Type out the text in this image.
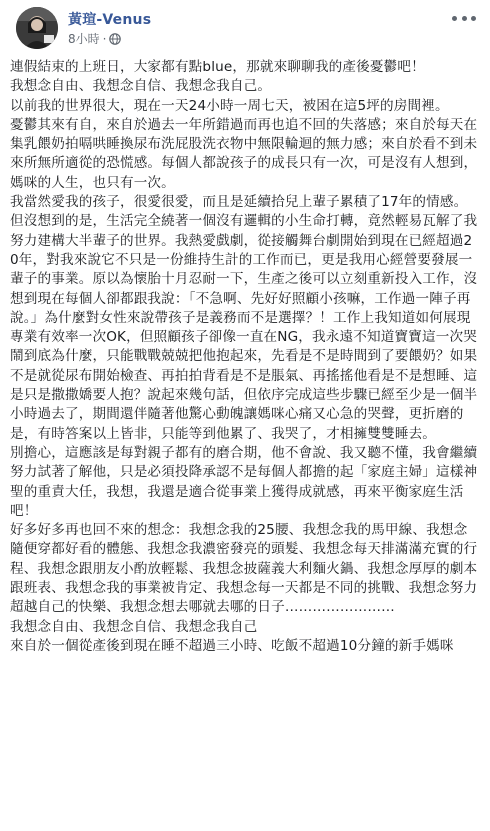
黃瑄-Venus
8小時 ·

連假結束的上班日，大家都有點blue，那就來聊聊我的產後憂鬱吧！

我想念自由、我想念自信、我想念我自己。

以前我的世界很大，現在一天24小時一周七天，被困在這5坪的房間裡。

憂鬱其來有自，來自於過去一年所錯過而再也追不回的失落感；來自於每天在集乳餵奶拍嗝哄睡換尿布洗屁股洗衣物中無限輪迴的無力感；來自於看不到未來所無所適從的恐慌感。每個人都說孩子的成長只有一次，可是沒有人想到，媽咪的人生，也只有一次。

我當然愛我的孩子，很愛很愛，而且是延續拾兒上輩子累積了17年的情感。但沒想到的是，生活完全繞著一個沒有邏輯的小生命打轉，竟然輕易瓦解了我努力建構大半輩子的世界。我熱愛戲劇，從接觸舞台劇開始到現在已經超過20年，對我來說它不只是一份維持生計的工作而已，更是我用心經營要發展一輩子的事業。原以為懷胎十月忍耐一下，生產之後可以立刻重新投入工作，沒想到現在每個人卻都跟我說：「不急啊、先好好照顧小孩嘛，工作過一陣子再說。」為什麼對女性來說帶孩子是義務而不是選擇？！工作上我知道如何展現專業有效率一次OK，但照顧孩子卻像一直在NG，我永遠不知道寶寶這一次哭鬧到底為什麼，只能戰戰兢兢把他抱起來，先看是不是時間到了要餵奶？如果不是就從尿布開始檢查、再拍拍背看是不是脹氣、再搖搖他看是不是想睡、這是只是撒撒嬌要人抱？說起來幾句話，但依序完成這些步驟已經至少是一個半小時過去了，期間還伴隨著他驚心動魄讓媽咪心痛又心急的哭聲，更折磨的是，有時答案以上皆非，只能等到他累了、我哭了，才相擁雙雙睡去。

別擔心，這應該是每對親子都有的磨合期，他不會說、我又聽不懂，我會繼續努力試著了解他，只是必須投降承認不是每個人都擔的起「家庭主婦」這樣神聖的重責大任，我想，我還是適合從事業上獲得成就感，再來平衡家庭生活吧！

好多好多再也回不來的想念：我想念我的25腰、我想念我的馬甲線、我想念隨便穿都好看的體態、我想念我濃密發亮的頭髮、我想念每天排滿滿充實的行程、我想念跟朋友小酌放輕鬆、我想念披薩義大利麵火鍋、我想念厚厚的劇本跟班表、我想念我的事業被肯定、我想念每一天都是不同的挑戰、我想念努力超越自己的快樂、我想念想去哪就去哪的日子……………………

我想念自由、我想念自信、我想念我自己

來自於一個從產後到現在睡不超過三小時、吃飯不超過10分鐘的新手媽咪
